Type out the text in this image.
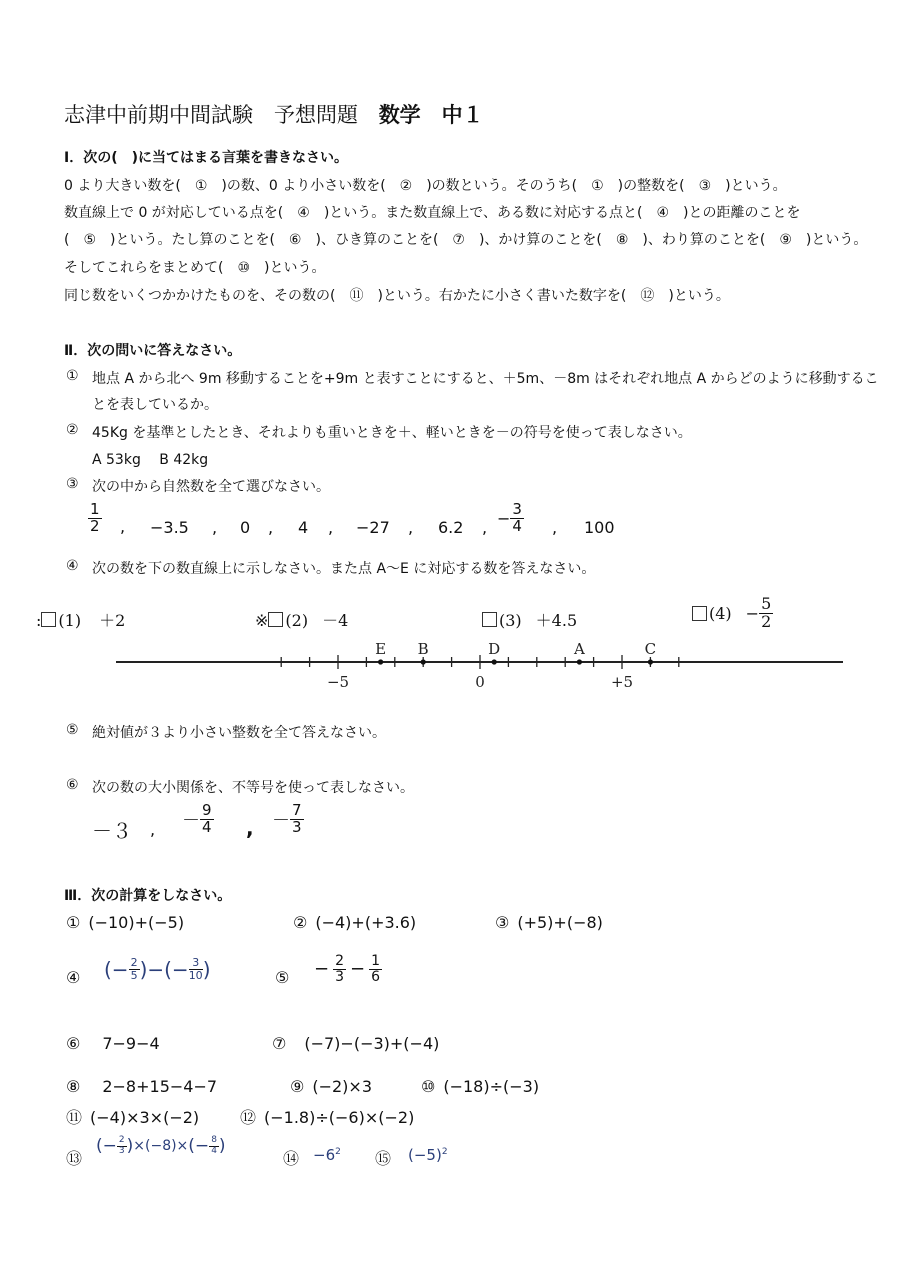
志津中前期中間試験　予想問題 数学　中１
Ⅰ．次の(　)に当てはまる言葉を書きなさい。
0 より大きい数を(　①　)の数、0 より小さい数を(　②　)の数という。そのうち(　①　)の整数を(　③　)という。
数直線上で 0 が対応している点を(　④　)という。また数直線上で、ある数に対応する点と(　④　)との距離のことを
(　⑤　)という。たし算のことを(　⑥　)、ひき算のことを(　⑦　)、かけ算のことを(　⑧　)、わり算のことを(　⑨　)という。
そしてこれらをまとめて(　⑩　)という。
同じ数をいくつかかけたものを、その数の(　⑪　)という。右かたに小さく書いた数字を(　⑫　)という。
Ⅱ．次の問いに答えなさい。
① 地点 A から北へ 9m 移動することを+9m と表すことにすると、＋5m、－8m はそれぞれ地点 A からどのように移動するこ
とを表しているか。
② 45Kg を基準としたとき、それよりも重いときを＋、軽いときを－の符号を使って表しなさい。
A 53kg　 B 42kg
③ 次の中から自然数を全て選びなさい。
$\frac{1}{2}$ , −3.5 , 0 , 4 , −27 , 6.2 , − $\frac{3}{4}$ , 100
④ 次の数を下の数直線上に示しなさい。また点 A～E に対応する数を答えなさい。
: (1) ＋2	※ (2) －4	(3) ＋4.5	$(4) - \frac{5}{2}$
−5	0	+5
E B	D	A	C
⑤ 絶対値が３より小さい整数を全て答えなさい。
⑥ 次の数の大小関係を、不等号を使って表しなさい。
－３ , － $\frac{9}{4}$ , － $\frac{7}{3}$
Ⅲ．次の計算をしなさい。
① (−10)+(−5)	② (−4)+(+3.6)	③ (+5)+(−8)
④ (− $\frac{2}{5}$ )−(− $\frac{3}{10}$ )	⑤ − $\frac{2}{3} - \frac{1}{6}$
⑥ 7−9−4	⑦ (−7)−(−3)+(−4)
⑧ 2−8+15−4−7	⑨ (−2)×3	⑩ (−18)÷(−3)
⑪ (−4)×3×(−2)	⑫ (−1.8)÷(−6)×(−2)
⑬
(− $\frac{2}{3} )\times(-8)\times(- \frac{8}{4}$ )
⑭ $-6^2$ ⑮ $(-5)^2$
